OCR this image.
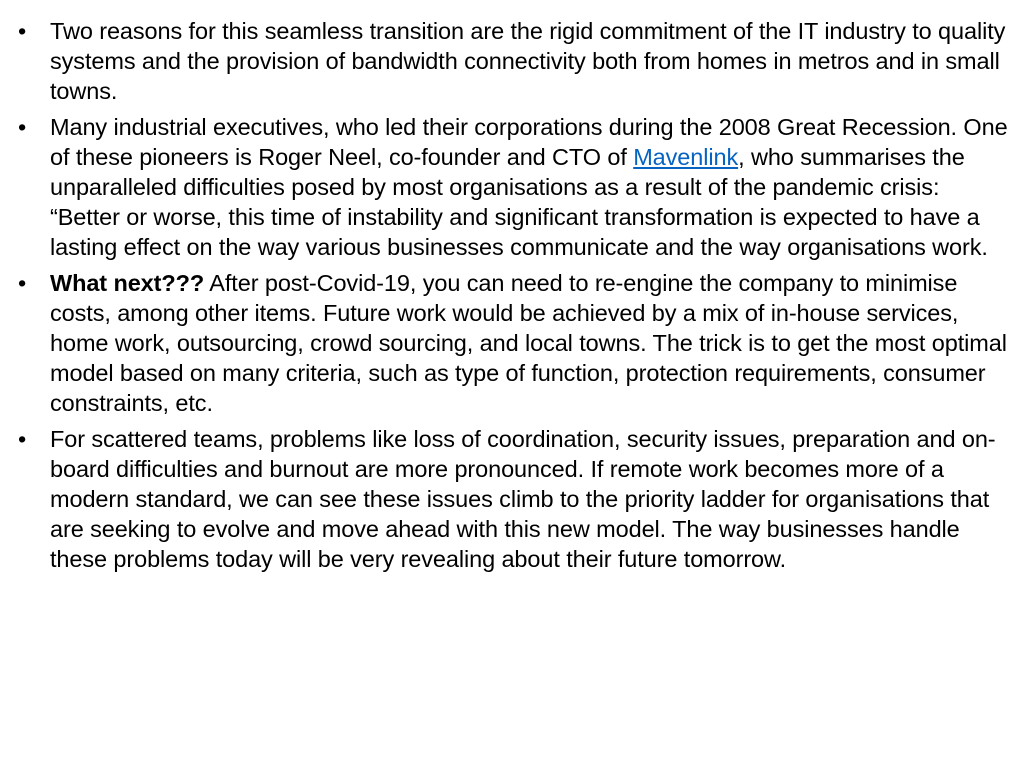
•	Two reasons for this seamless transition are the rigid commitment of the IT industry to quality systems and the provision of bandwidth connectivity both from homes in metros and in small towns.
•	Many industrial executives, who led their corporations during the 2008 Great Recession. One of these pioneers is Roger Neel, co-founder and CTO of Mavenlink, who summarises the unparalleled difficulties posed by most organisations as a result of the pandemic crisis: “Better or worse, this time of instability and significant transformation is expected to have a lasting effect on the way various businesses communicate and the way organisations work.
•	What next??? After post-Covid-19, you can need to re-engine the company to minimise costs, among other items. Future work would be achieved by a mix of in-house services, home work, outsourcing, crowd sourcing, and local towns. The trick is to get the most optimal model based on many criteria, such as type of function, protection requirements, consumer constraints, etc.
•	For scattered teams, problems like loss of coordination, security issues, preparation and on-board difficulties and burnout are more pronounced. If remote work becomes more of a modern standard, we can see these issues climb to the priority ladder for organisations that are seeking to evolve and move ahead with this new model. The way businesses handle these problems today will be very revealing about their future tomorrow.
